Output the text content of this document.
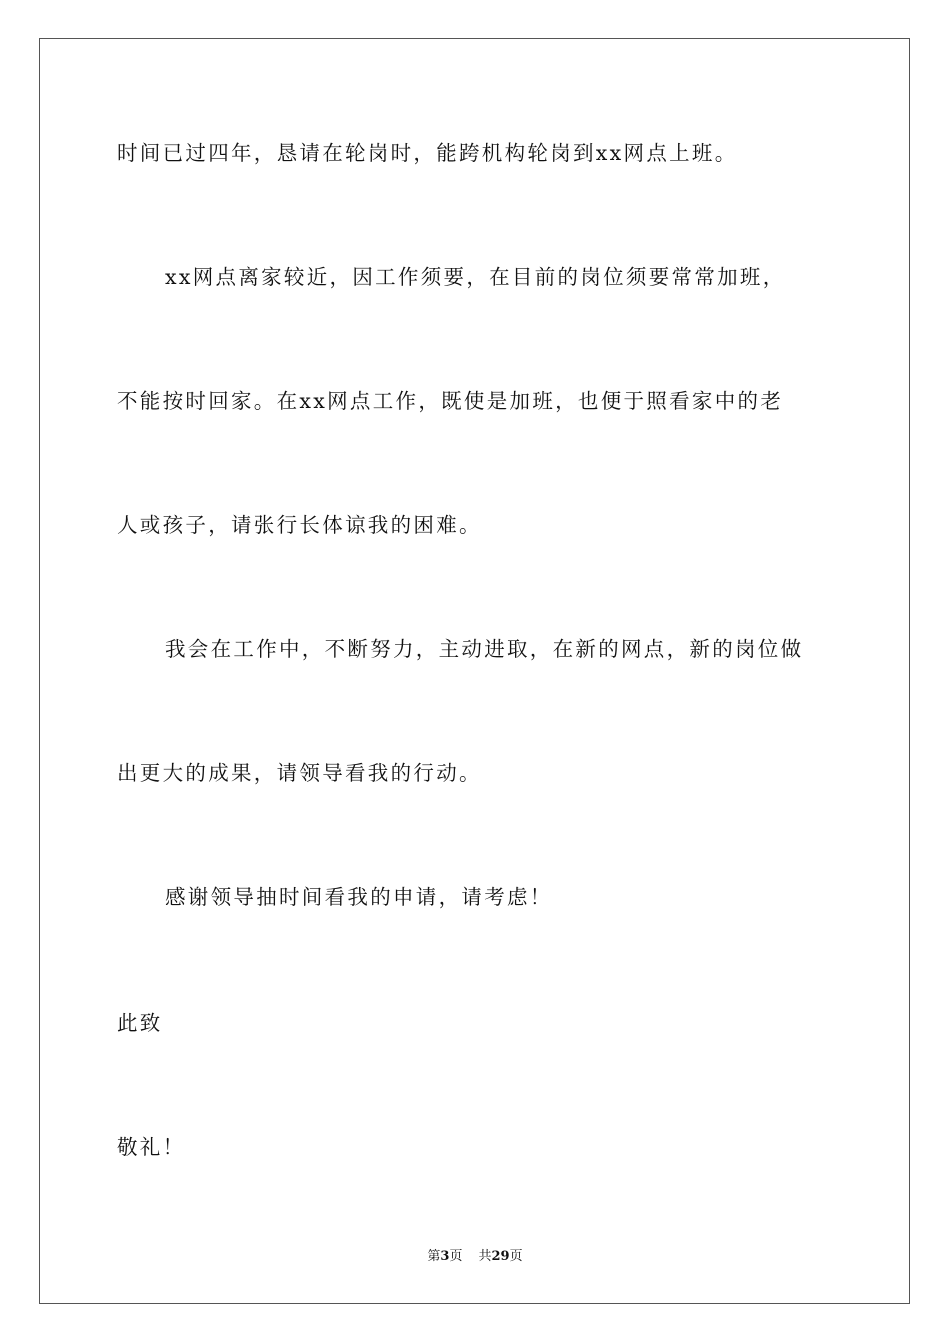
时间已过四年，恳请在轮岗时，能跨机构轮岗到xx网点上班。
xx网点离家较近，因工作须要，在目前的岗位须要常常加班，
不能按时回家。在xx网点工作，既使是加班，也便于照看家中的老
人或孩子，请张行长体谅我的困难。
我会在工作中，不断努力，主动进取，在新的网点，新的岗位做
出更大的成果，请领导看我的行动。
感谢领导抽时间看我的申请，请考虑！
此致
敬礼！
第3页 共29页
